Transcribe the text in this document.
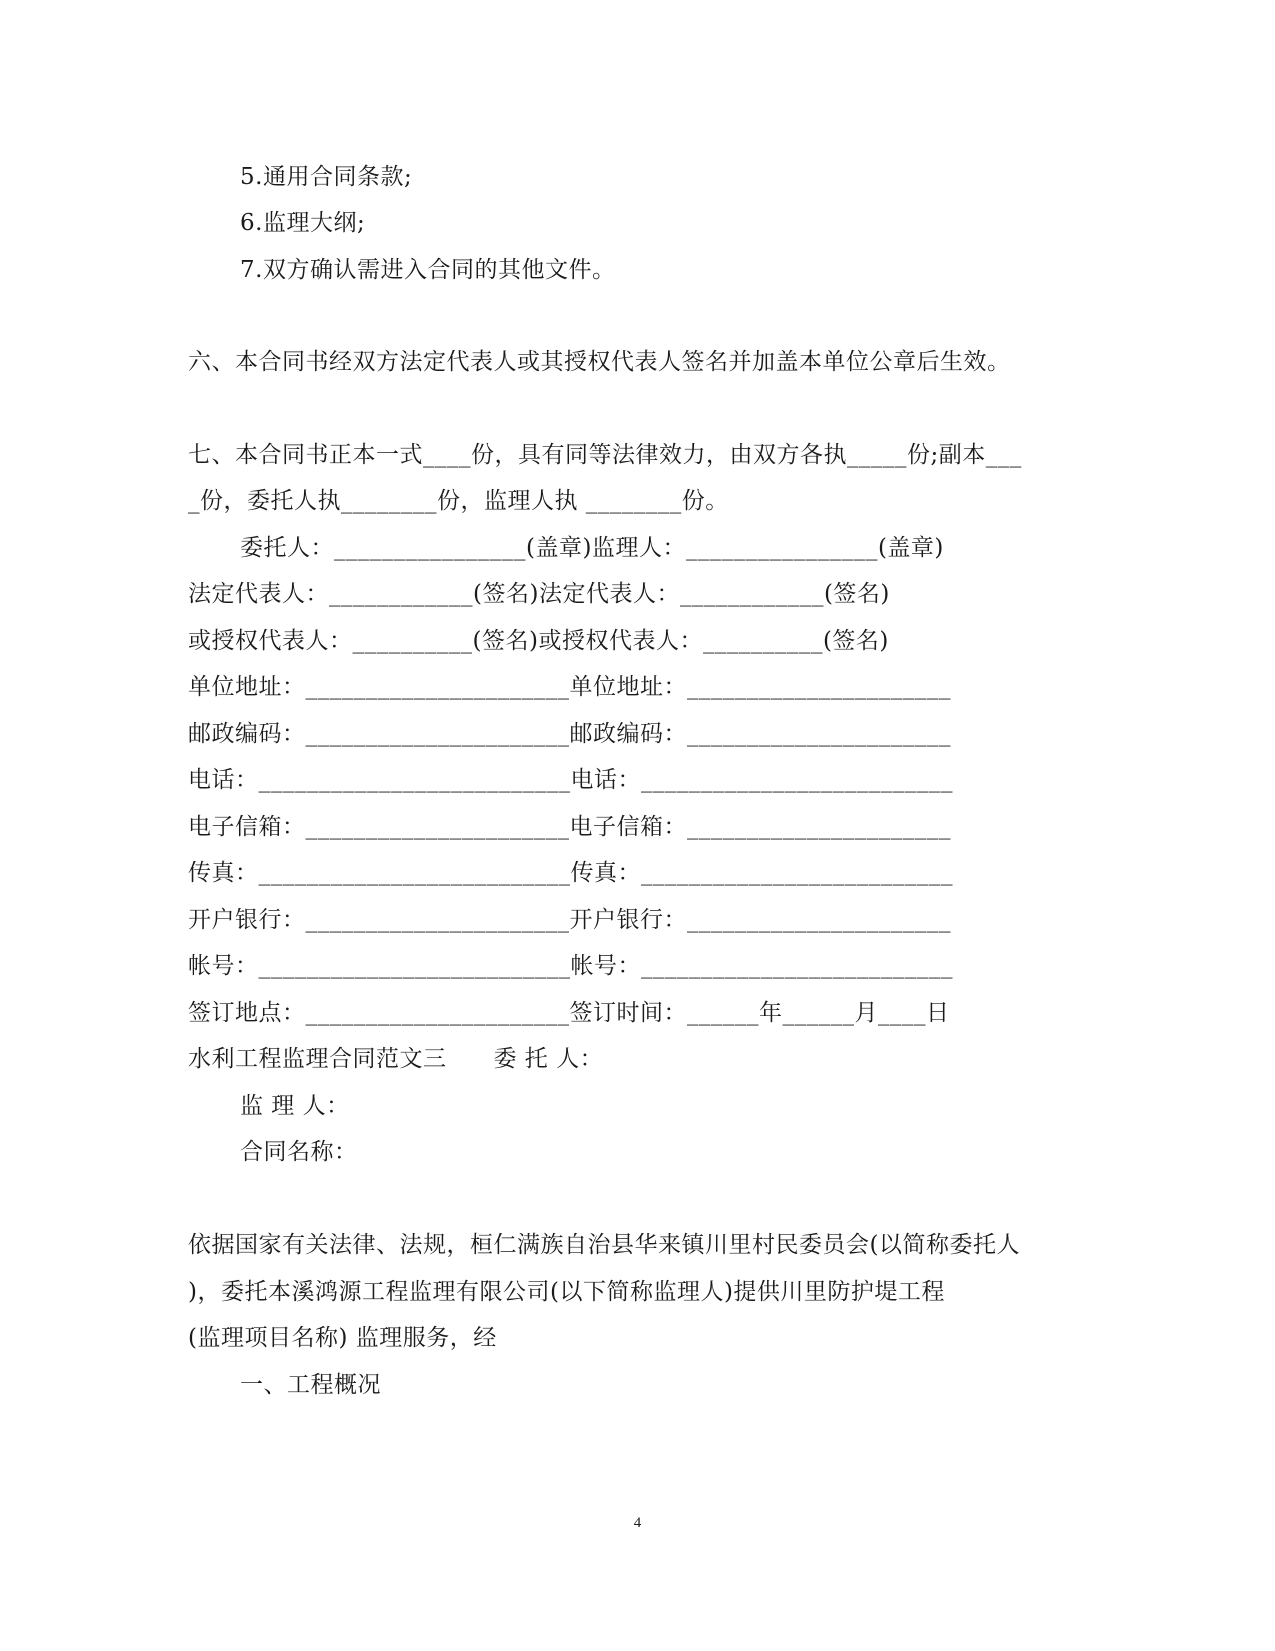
5.通用合同条款;
6.监理大纲;
7.双方确认需进入合同的其他文件。
六、本合同书经双方法定代表人或其授权代表人签名并加盖本单位公章后生效。
七、本合同书正本一式____份，具有同等法律效力，由双方各执_____份;副本___
_份，委托人执________份，监理人执 ________份。
委托人：________________(盖章)监理人：________________(盖章)
法定代表人：____________(签名)法定代表人：____________(签名)
或授权代表人：__________(签名)或授权代表人：__________(签名)
单位地址：______________________单位地址：______________________
邮政编码：______________________邮政编码：______________________
电话：__________________________电话：__________________________
电子信箱：______________________电子信箱：______________________
传真：__________________________传真：__________________________
开户银行：______________________开户银行：______________________
帐号：__________________________帐号：__________________________
签订地点：______________________签订时间：______年______月____日
水利工程监理合同范文三　　委 托 人：
监 理 人：
合同名称：
依据国家有关法律、法规，桓仁满族自治县华来镇川里村民委员会(以简称委托人
)，委托本溪鸿源工程监理有限公司(以下简称监理人)提供川里防护堤工程
(监理项目名称) 监理服务，经
一、工程概况
4
